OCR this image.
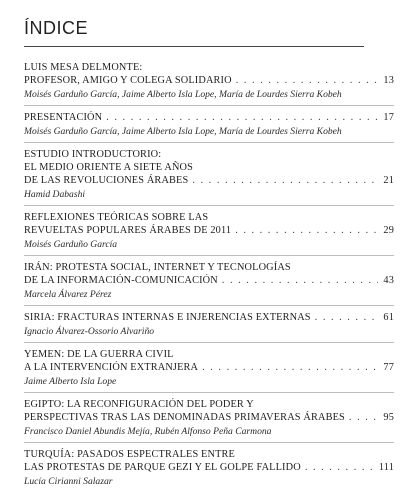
ÍNDICE
LUIS MESA DELMONTE:
PROFESOR, AMIGO Y COLEGA SOLIDARIO . . .	13
Moisés Garduño García, Jaime Alberto Isla Lope, María de Lourdes Sierra Kobeh
PRESENTACIÓN . . .	17
Moisés Garduño García, Jaime Alberto Isla Lope, María de Lourdes Sierra Kobeh
ESTUDIO INTRODUCTORIO:
EL MEDIO ORIENTE A SIETE AÑOS
DE LAS REVOLUCIONES ÁRABES . . .	21
Hamid Dabashi
REFLEXIONES TEÓRICAS SOBRE LAS
REVUELTAS POPULARES ÁRABES DE 2011 . . .	29
Moisés Garduño García
IRÁN: PROTESTA SOCIAL, INTERNET Y TECNOLOGÍAS
DE LA INFORMACIÓN-COMUNICACIÓN . . .	43
Marcela Álvarez Pérez
SIRIA: FRACTURAS INTERNAS E INJERENCIAS EXTERNAS . . .	61
Ignacio Álvarez-Ossorio Alvariño
YEMEN: DE LA GUERRA CIVIL
A LA INTERVENCIÓN EXTRANJERA . . .	77
Jaime Alberto Isla Lope
EGIPTO: LA RECONFIGURACIÓN DEL PODER Y
PERSPECTIVAS TRAS LAS DENOMINADAS PRIMAVERAS ÁRABES . . .	95
Francisco Daniel Abundis Mejía, Rubén Alfonso Peña Carmona
TURQUÍA: PASADOS ESPECTRALES ENTRE
LAS PROTESTAS DE PARQUE GEZI Y EL GOLPE FALLIDO . . .	111
Lucía Cirianni Salazar
